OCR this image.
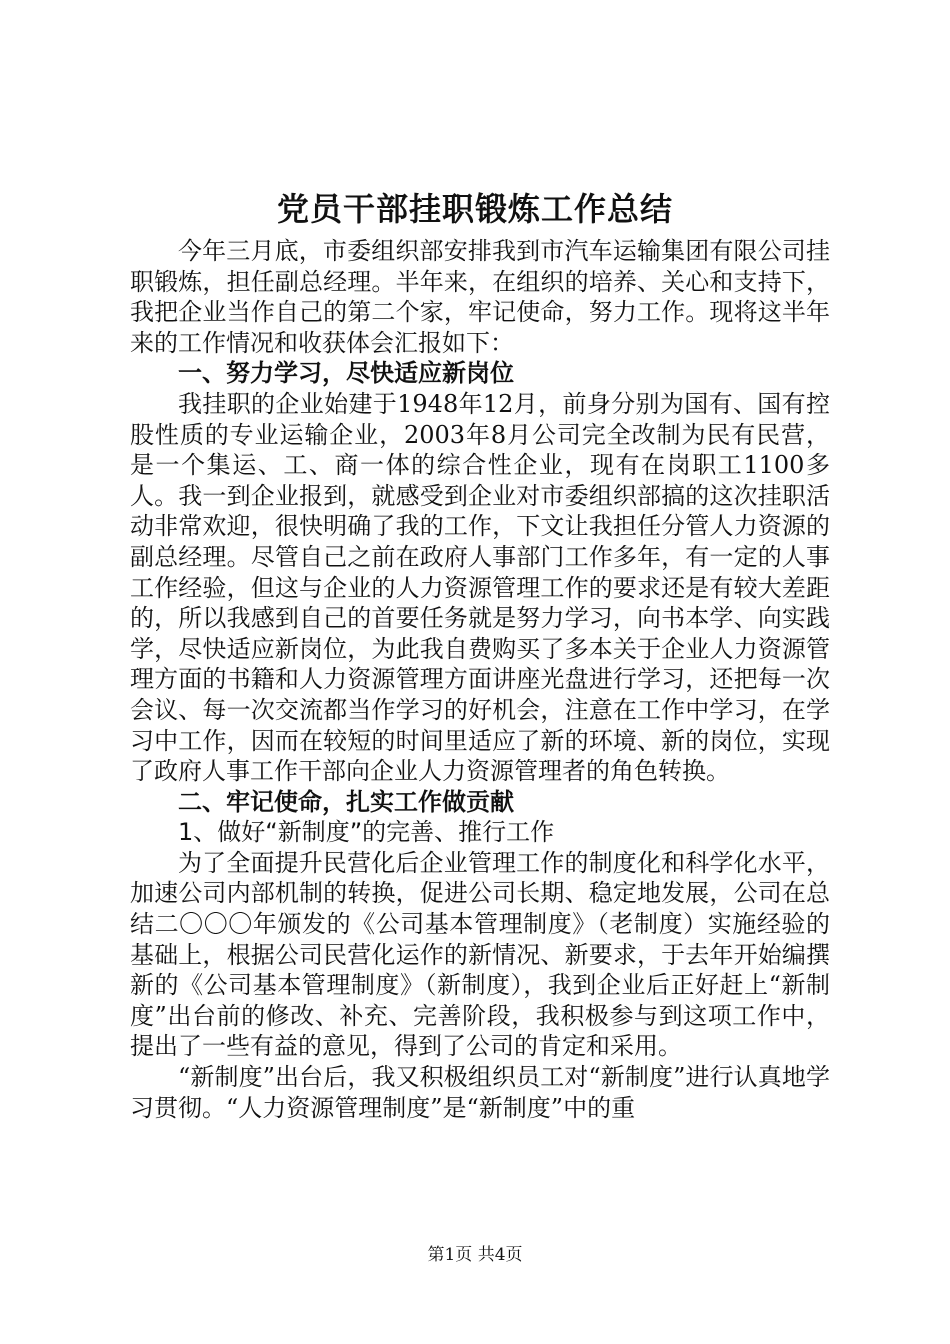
党员干部挂职锻炼工作总结

今年三月底，市委组织部安排我到市汽车运输集团有限公司挂职锻炼，担任副总经理。半年来，在组织的培养、关心和支持下，我把企业当作自己的第二个家，牢记使命，努力工作。现将这半年来的工作情况和收获体会汇报如下：

一、努力学习，尽快适应新岗位

我挂职的企业始建于1948年12月，前身分别为国有、国有控股性质的专业运输企业，2003年8月公司完全改制为民有民营，是一个集运、工、商一体的综合性企业，现有在岗职工1100多人。我一到企业报到，就感受到企业对市委组织部搞的这次挂职活动非常欢迎，很快明确了我的工作，下文让我担任分管人力资源的副总经理。尽管自己之前在政府人事部门工作多年，有一定的人事工作经验，但这与企业的人力资源管理工作的要求还是有较大差距的，所以我感到自己的首要任务就是努力学习，向书本学、向实践学，尽快适应新岗位，为此我自费购买了多本关于企业人力资源管理方面的书籍和人力资源管理方面讲座光盘进行学习，还把每一次会议、每一次交流都当作学习的好机会，注意在工作中学习，在学习中工作，因而在较短的时间里适应了新的环境、新的岗位，实现了政府人事工作干部向企业人力资源管理者的角色转换。

二、牢记使命，扎实工作做贡献

1、做好“新制度”的完善、推行工作

为了全面提升民营化后企业管理工作的制度化和科学化水平，加速公司内部机制的转换，促进公司长期、稳定地发展，公司在总结二〇〇〇年颁发的《公司基本管理制度》（老制度）实施经验的基础上，根据公司民营化运作的新情况、新要求，于去年开始编撰新的《公司基本管理制度》（新制度），我到企业后正好赶上“新制度”出台前的修改、补充、完善阶段，我积极参与到这项工作中，提出了一些有益的意见，得到了公司的肯定和采用。

“新制度”出台后，我又积极组织员工对“新制度”进行认真地学习贯彻。“人力资源管理制度”是“新制度”中的重

第1页 共4页
